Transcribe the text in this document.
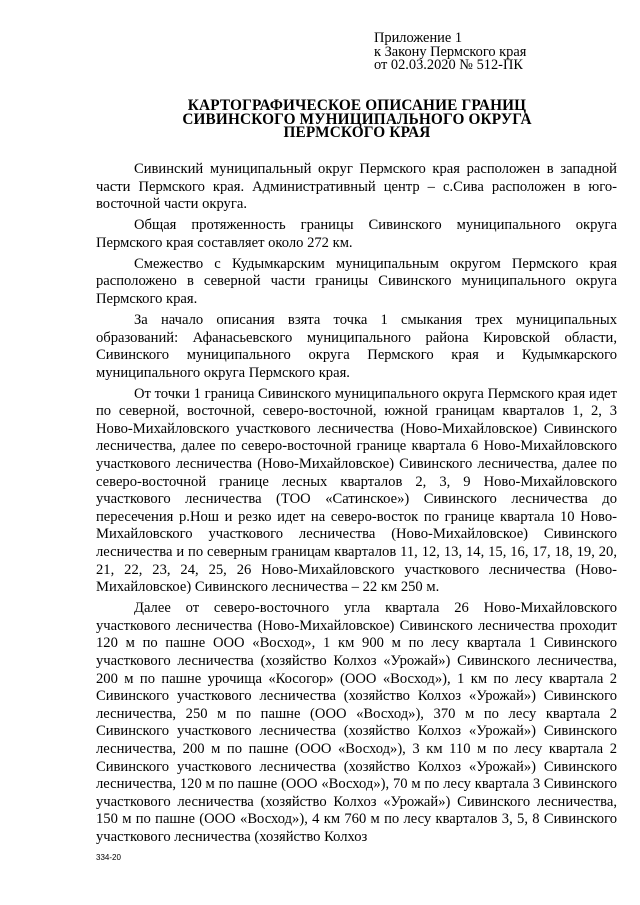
Приложение 1
к Закону Пермского края
от 02.03.2020 № 512-ПК
КАРТОГРАФИЧЕСКОЕ ОПИСАНИЕ ГРАНИЦ
СИВИНСКОГО МУНИЦИПАЛЬНОГО ОКРУГА
ПЕРМСКОГО КРАЯ

Сивинский муниципальный округ Пермского края расположен в западной части Пермского края. Административный центр – с.Сива расположен в юго-восточной части округа.

Общая протяженность границы Сивинского муниципального округа Пермского края составляет около 272 км.

Смежество с Кудымкарским муниципальным округом Пермского края расположено в северной части границы Сивинского муниципального округа Пермского края.

За начало описания взята точка 1 смыкания трех муниципальных образований: Афанасьевского муниципального района Кировской области, Сивинского муниципального округа Пермского края и Кудымкарского муниципального округа Пермского края.

От точки 1 граница Сивинского муниципального округа Пермского края идет по северной, восточной, северо-восточной, южной границам кварталов 1, 2, 3 Ново-Михайловского участкового лесничества (Ново-Михайловское) Сивинского лесничества, далее по северо-восточной границе квартала 6 Ново-Михайловского участкового лесничества (Ново-Михайловское) Сивинского лесничества, далее по северо-восточной границе лесных кварталов 2, 3, 9 Ново-Михайловского участкового лесничества (ТОО «Сатинское») Сивинского лесничества до пересечения р.Нош и резко идет на северо-восток по границе квартала 10 Ново-Михайловского участкового лесничества (Ново-Михайловское) Сивинского лесничества и по северным границам кварталов 11, 12, 13, 14, 15, 16, 17, 18, 19, 20, 21, 22, 23, 24, 25, 26 Ново-Михайловского участкового лесничества (Ново-Михайловское) Сивинского лесничества – 22 км 250 м.

Далее от северо-восточного угла квартала 26 Ново-Михайловского участкового лесничества (Ново-Михайловское) Сивинского лесничества проходит 120 м по пашне ООО «Восход», 1 км 900 м по лесу квартала 1 Сивинского участкового лесничества (хозяйство Колхоз «Урожай») Сивинского лесничества, 200 м по пашне урочища «Косогор» (ООО «Восход»), 1 км по лесу квартала 2 Сивинского участкового лесничества (хозяйство Колхоз «Урожай») Сивинского лесничества, 250 м по пашне (ООО «Восход»), 370 м по лесу квартала 2 Сивинского участкового лесничества (хозяйство Колхоз «Урожай») Сивинского лесничества, 200 м по пашне (ООО «Восход»), 3 км 110 м по лесу квартала 2 Сивинского участкового лесничества (хозяйство Колхоз «Урожай») Сивинского лесничества, 120 м по пашне (ООО «Восход»), 70 м по лесу квартала 3 Сивинского участкового лесничества (хозяйство Колхоз «Урожай») Сивинского лесничества, 150 м по пашне (ООО «Восход»), 4 км 760 м по лесу кварталов 3, 5, 8 Сивинского участкового лесничества (хозяйство Колхоз

334-20
